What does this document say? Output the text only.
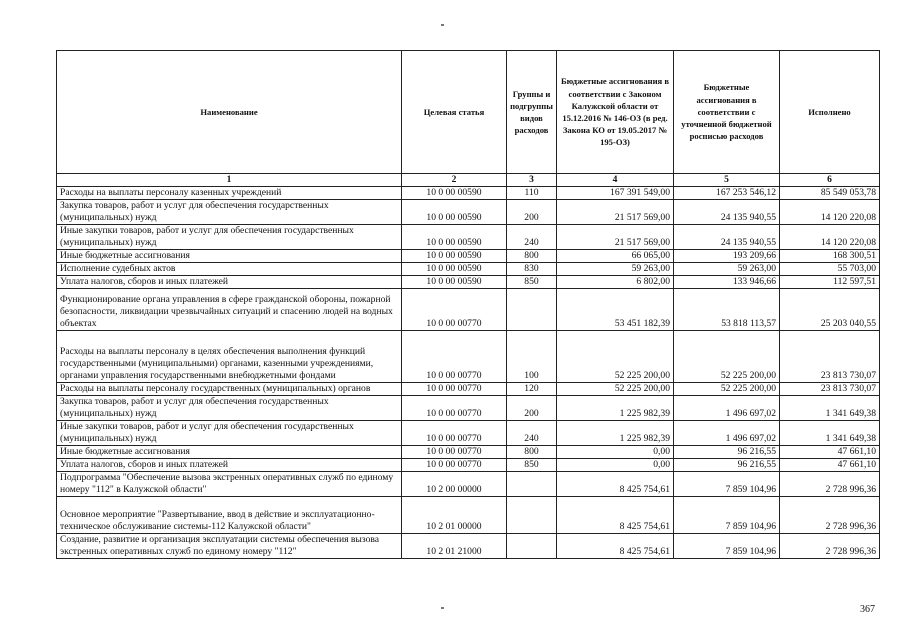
Наименование	Целевая статья	Группы и подгруппы видов расходов	Бюджетные ассигнования в соответствии с Законом Калужской области от 15.12.2016 № 146-ОЗ (в ред. Закона КО от 19.05.2017 № 195-ОЗ)	Бюджетные ассигнования в соответствии с уточненной бюджетной росписью расходов	Исполнено
1	2	3	4	5	6
Расходы на выплаты персоналу казенных учреждений	10 0 00 00590	110	167 391 549,00	167 253 546,12	85 549 053,78
Закупка товаров, работ и услуг для обеспечения государственных (муниципальных) нужд	10 0 00 00590	200	21 517 569,00	24 135 940,55	14 120 220,08
Иные закупки товаров, работ и услуг для обеспечения государственных (муниципальных) нужд	10 0 00 00590	240	21 517 569,00	24 135 940,55	14 120 220,08
Иные бюджетные ассигнования	10 0 00 00590	800	66 065,00	193 209,66	168 300,51
Исполнение судебных актов	10 0 00 00590	830	59 263,00	59 263,00	55 703,00
Уплата налогов, сборов и иных платежей	10 0 00 00590	850	6 802,00	133 946,66	112 597,51
Функционирование органа управления в сфере гражданской обороны, пожарной безопасности, ликвидации чрезвычайных ситуаций и спасению людей на водных объектах	10 0 00 00770		53 451 182,39	53 818 113,57	25 203 040,55
Расходы на выплаты персоналу в целях обеспечения выполнения функций государственными (муниципальными) органами, казенными учреждениями, органами управления государственными внебюджетными фондами	10 0 00 00770	100	52 225 200,00	52 225 200,00	23 813 730,07
Расходы на выплаты персоналу государственных (муниципальных) органов	10 0 00 00770	120	52 225 200,00	52 225 200,00	23 813 730,07
Закупка товаров, работ и услуг для обеспечения государственных (муниципальных) нужд	10 0 00 00770	200	1 225 982,39	1 496 697,02	1 341 649,38
Иные закупки товаров, работ и услуг для обеспечения государственных (муниципальных) нужд	10 0 00 00770	240	1 225 982,39	1 496 697,02	1 341 649,38
Иные бюджетные ассигнования	10 0 00 00770	800	0,00	96 216,55	47 661,10
Уплата налогов, сборов и иных платежей	10 0 00 00770	850	0,00	96 216,55	47 661,10
Подпрограмма "Обеспечение вызова экстренных оперативных служб по единому номеру "112" в Калужской области"	10 2 00 00000		8 425 754,61	7 859 104,96	2 728 996,36
Основное мероприятие "Развертывание, ввод в действие и эксплуатационно-техническое обслуживание системы-112 Калужской области"	10 2 01 00000		8 425 754,61	7 859 104,96	2 728 996,36
Создание, развитие и организация эксплуатации системы обеспечения вызова экстренных оперативных служб по единому номеру "112"	10 2 01 21000		8 425 754,61	7 859 104,96	2 728 996,36
367
